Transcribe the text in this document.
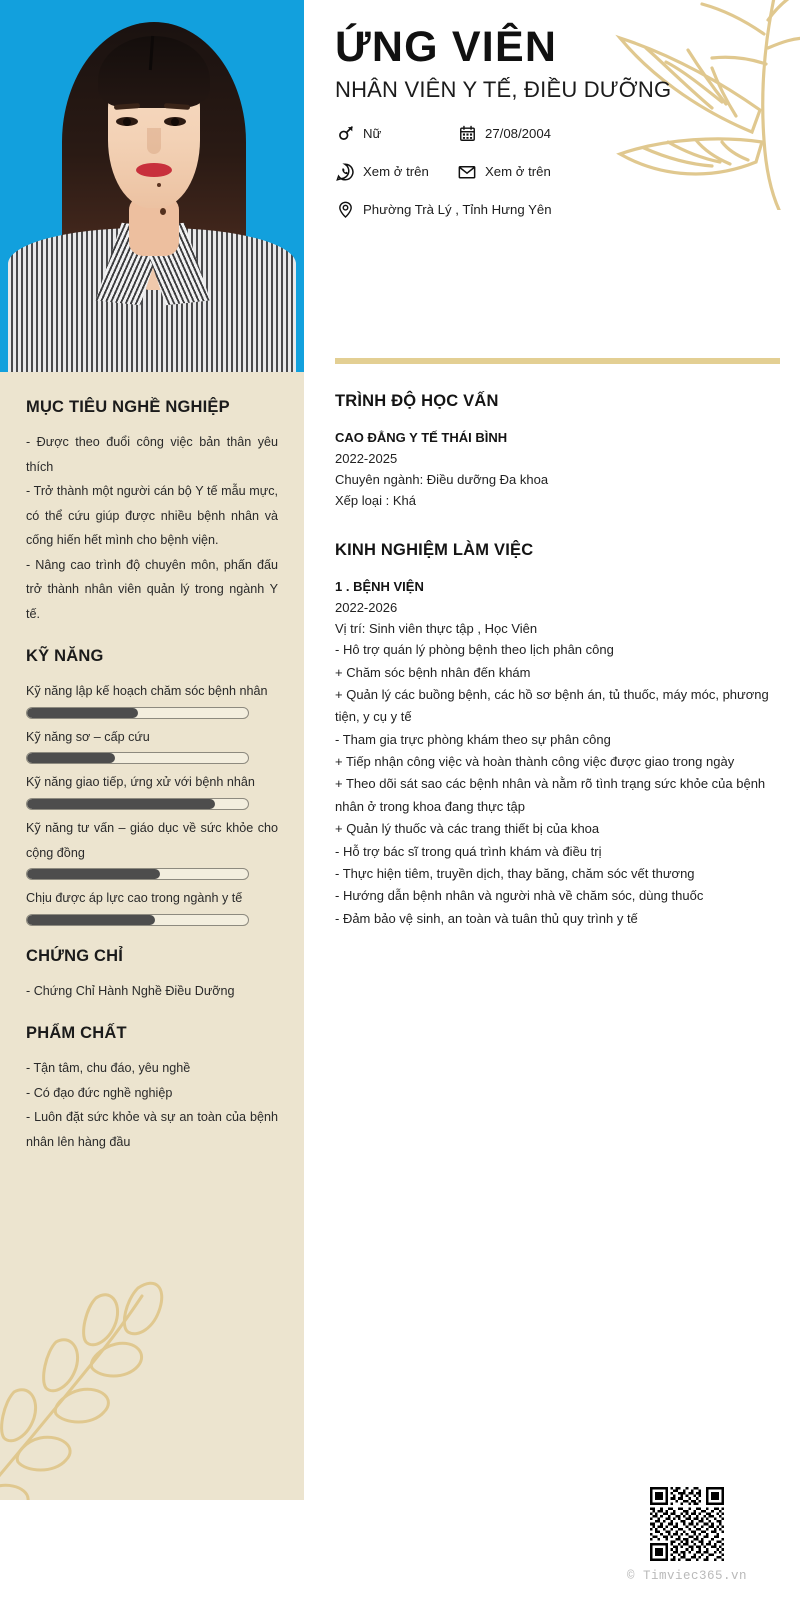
ỨNG VIÊN
NHÂN VIÊN Y TẾ, ĐIỀU DƯỠNG
Nữ	27/08/2004
Xem ở trên	Xem ở trên
Phường Trà Lý , Tỉnh Hưng Yên
MỤC TIÊU NGHỀ NGHIỆP
- Được theo đuổi công việc bản thân yêu thích
- Trở thành một người cán bộ Y tế mẫu mực, có thể cứu giúp được nhiều bệnh nhân và cống hiến hết mình cho bệnh viện.
- Nâng cao trình độ chuyên môn, phấn đấu trở thành nhân viên quản lý trong ngành Y tế.
KỸ NĂNG
Kỹ năng lập kế hoạch chăm sóc bệnh nhân
Kỹ năng sơ – cấp cứu
Kỹ năng giao tiếp, ứng xử với bệnh nhân
Kỹ năng tư vấn – giáo dục về sức khỏe cho cộng đồng
Chịu được áp lực cao trong ngành y tế
CHỨNG CHỈ
- Chứng Chỉ Hành Nghề Điều Dưỡng
PHẨM CHẤT
- Tận tâm, chu đáo, yêu nghề
- Có đạo đức nghề nghiệp
- Luôn đặt sức khỏe và sự an toàn của bệnh nhân lên hàng đầu
TRÌNH ĐỘ HỌC VẤN
CAO ĐẲNG Y TẾ THÁI BÌNH
2022-2025
Chuyên ngành: Điều dưỡng Đa khoa
Xếp loại : Khá
KINH NGHIỆM LÀM VIỆC
1 . BỆNH VIỆN
2022-2026
Vị trí: Sinh viên thực tập , Học Viên
- Hô trợ quán lý phòng bệnh theo lịch phân công
+ Chăm sóc bệnh nhân đến khám
+ Quản lý các buồng bệnh, các hồ sơ bệnh án, tủ thuốc, máy móc, phương tiện, y cụ y tế
- Tham gia trực phòng khám theo sự phân công
+ Tiếp nhận công việc và hoàn thành công việc được giao trong ngày
+ Theo dõi sát sao các bệnh nhân và nằm rõ tình trạng sức khỏe của bệnh nhân ở trong khoa đang thực tập
+ Quản lý thuốc và các trang thiết bị của khoa
- Hỗ trợ bác sĩ trong quá trình khám và điều trị
- Thực hiện tiêm, truyền dịch, thay băng, chăm sóc vết thương
- Hướng dẫn bệnh nhân và người nhà về chăm sóc, dùng thuốc
- Đảm bảo vệ sinh, an toàn và tuân thủ quy trình y tế
© Timviec365.vn
